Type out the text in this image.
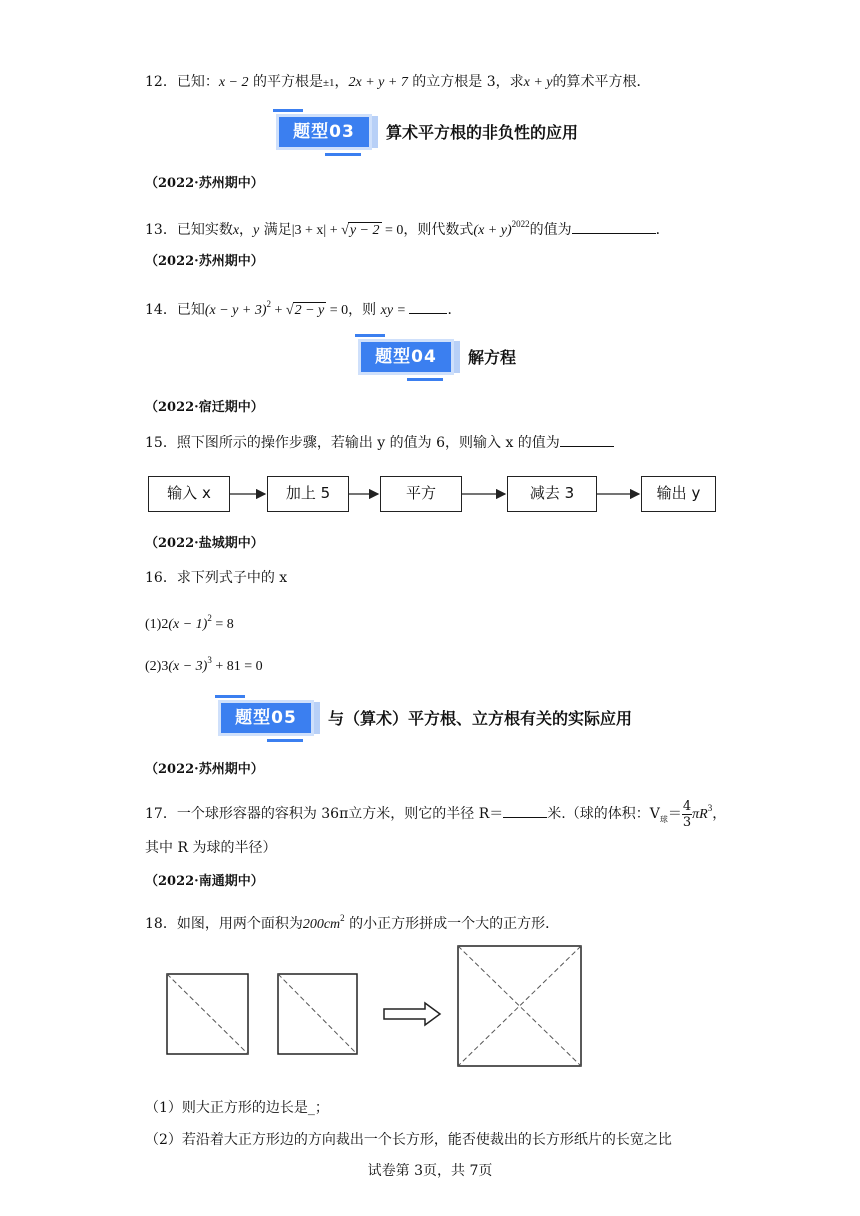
12．已知：x − 2 的平方根是±1，2x + y + 7 的立方根是 3，求x + y的算术平方根．
题型03	算术平方根的非负性的应用
（2022·苏州期中）
13．已知实数x，y 满足|3 + x| + √y − 2 = 0，则代数式$(x + y)^{2022}$的值为	．
（2022·苏州期中）
14．已知$(x - y + 3)^2 + √2 - y = 0$，则 xy =	．
题型04	解方程
（2022·宿迁期中）
15．照下图所示的操作步骤，若输出 y 的值为 6，则输入 x 的值为
输入 x	加上 5	平方	减去 3	输出 y
（2022·盐城期中）
16．求下列式子中的 x
$(1)2(x - 1)^2 = 8$
$(2)3(x - 3)^3 + 81 = 0$
题型05	与（算术）平方根、立方根有关的实际应用
（2022·苏州期中）
17．一个球形容器的容积为 36π立方米，则它的半径 R＝	米.（球的体积：$V_球= \frac{4}{3} \pi R^3$，
其中 R 为球的半径）
（2022·南通期中）
18．如图，用两个面积为$200cm^2$ 的小正方形拼成一个大的正方形．
（1）则大正方形的边长是_；
（2）若沿着大正方形边的方向裁出一个长方形，能否使裁出的长方形纸片的长宽之比
试卷第 3页，共 7页
